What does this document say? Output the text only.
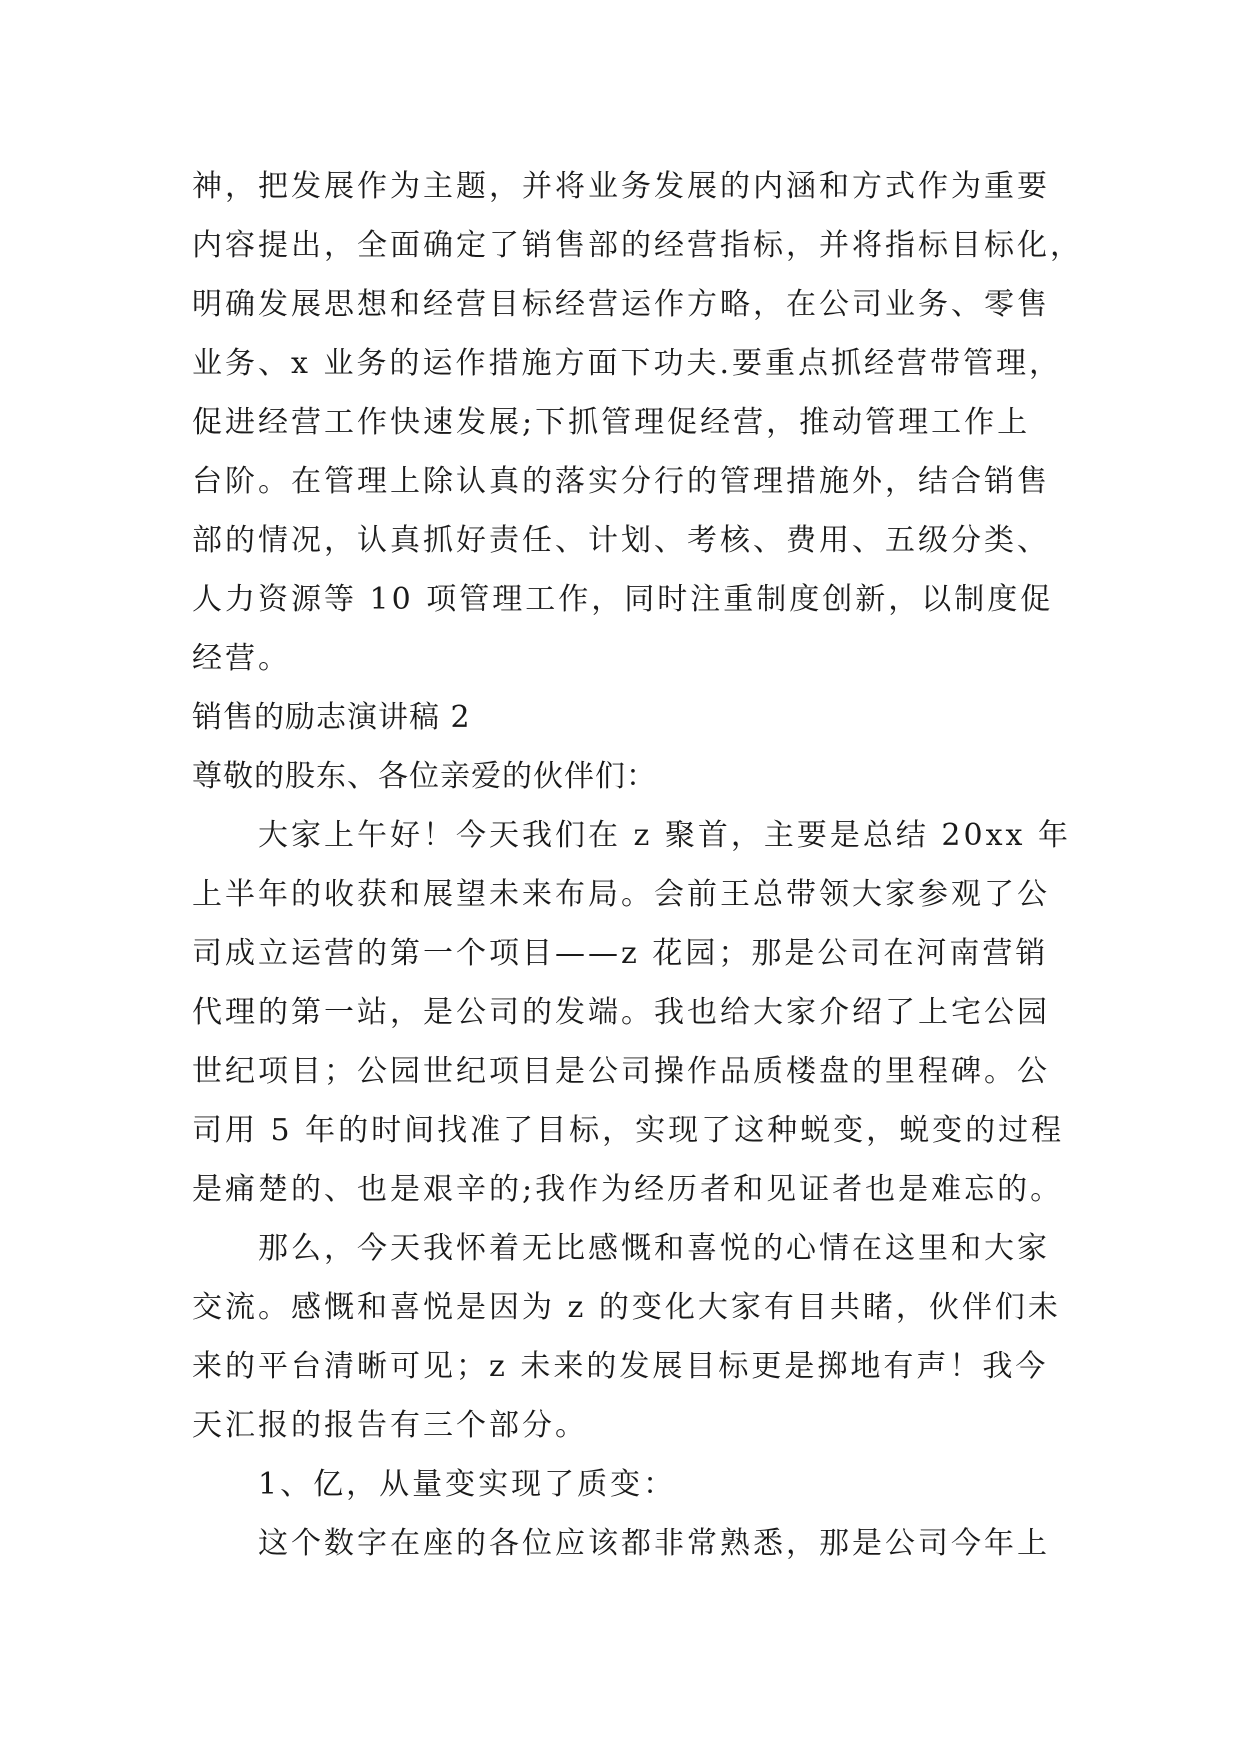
神，把发展作为主题，并将业务发展的内涵和方式作为重要
内容提出，全面确定了销售部的经营指标，并将指标目标化，
明确发展思想和经营目标经营运作方略，在公司业务、零售
业务、x 业务的运作措施方面下功夫.要重点抓经营带管理，
促进经营工作快速发展;下抓管理促经营，推动管理工作上
台阶。在管理上除认真的落实分行的管理措施外，结合销售
部的情况，认真抓好责任、计划、考核、费用、五级分类、
人力资源等 10 项管理工作，同时注重制度创新，以制度促
经营。
销售的励志演讲稿 2
尊敬的股东、各位亲爱的伙伴们：
大家上午好！今天我们在 z 聚首，主要是总结 20xx 年
上半年的收获和展望未来布局。会前王总带领大家参观了公
司成立运营的第一个项目——z 花园；那是公司在河南营销
代理的第一站，是公司的发端。我也给大家介绍了上宅公园
世纪项目；公园世纪项目是公司操作品质楼盘的里程碑。公
司用 5 年的时间找准了目标，实现了这种蜕变，蜕变的过程
是痛楚的、也是艰辛的;我作为经历者和见证者也是难忘的。
那么，今天我怀着无比感慨和喜悦的心情在这里和大家
交流。感慨和喜悦是因为 z 的变化大家有目共睹，伙伴们未
来的平台清晰可见；z 未来的发展目标更是掷地有声！我今
天汇报的报告有三个部分。
1、亿，从量变实现了质变：
这个数字在座的各位应该都非常熟悉，那是公司今年上
